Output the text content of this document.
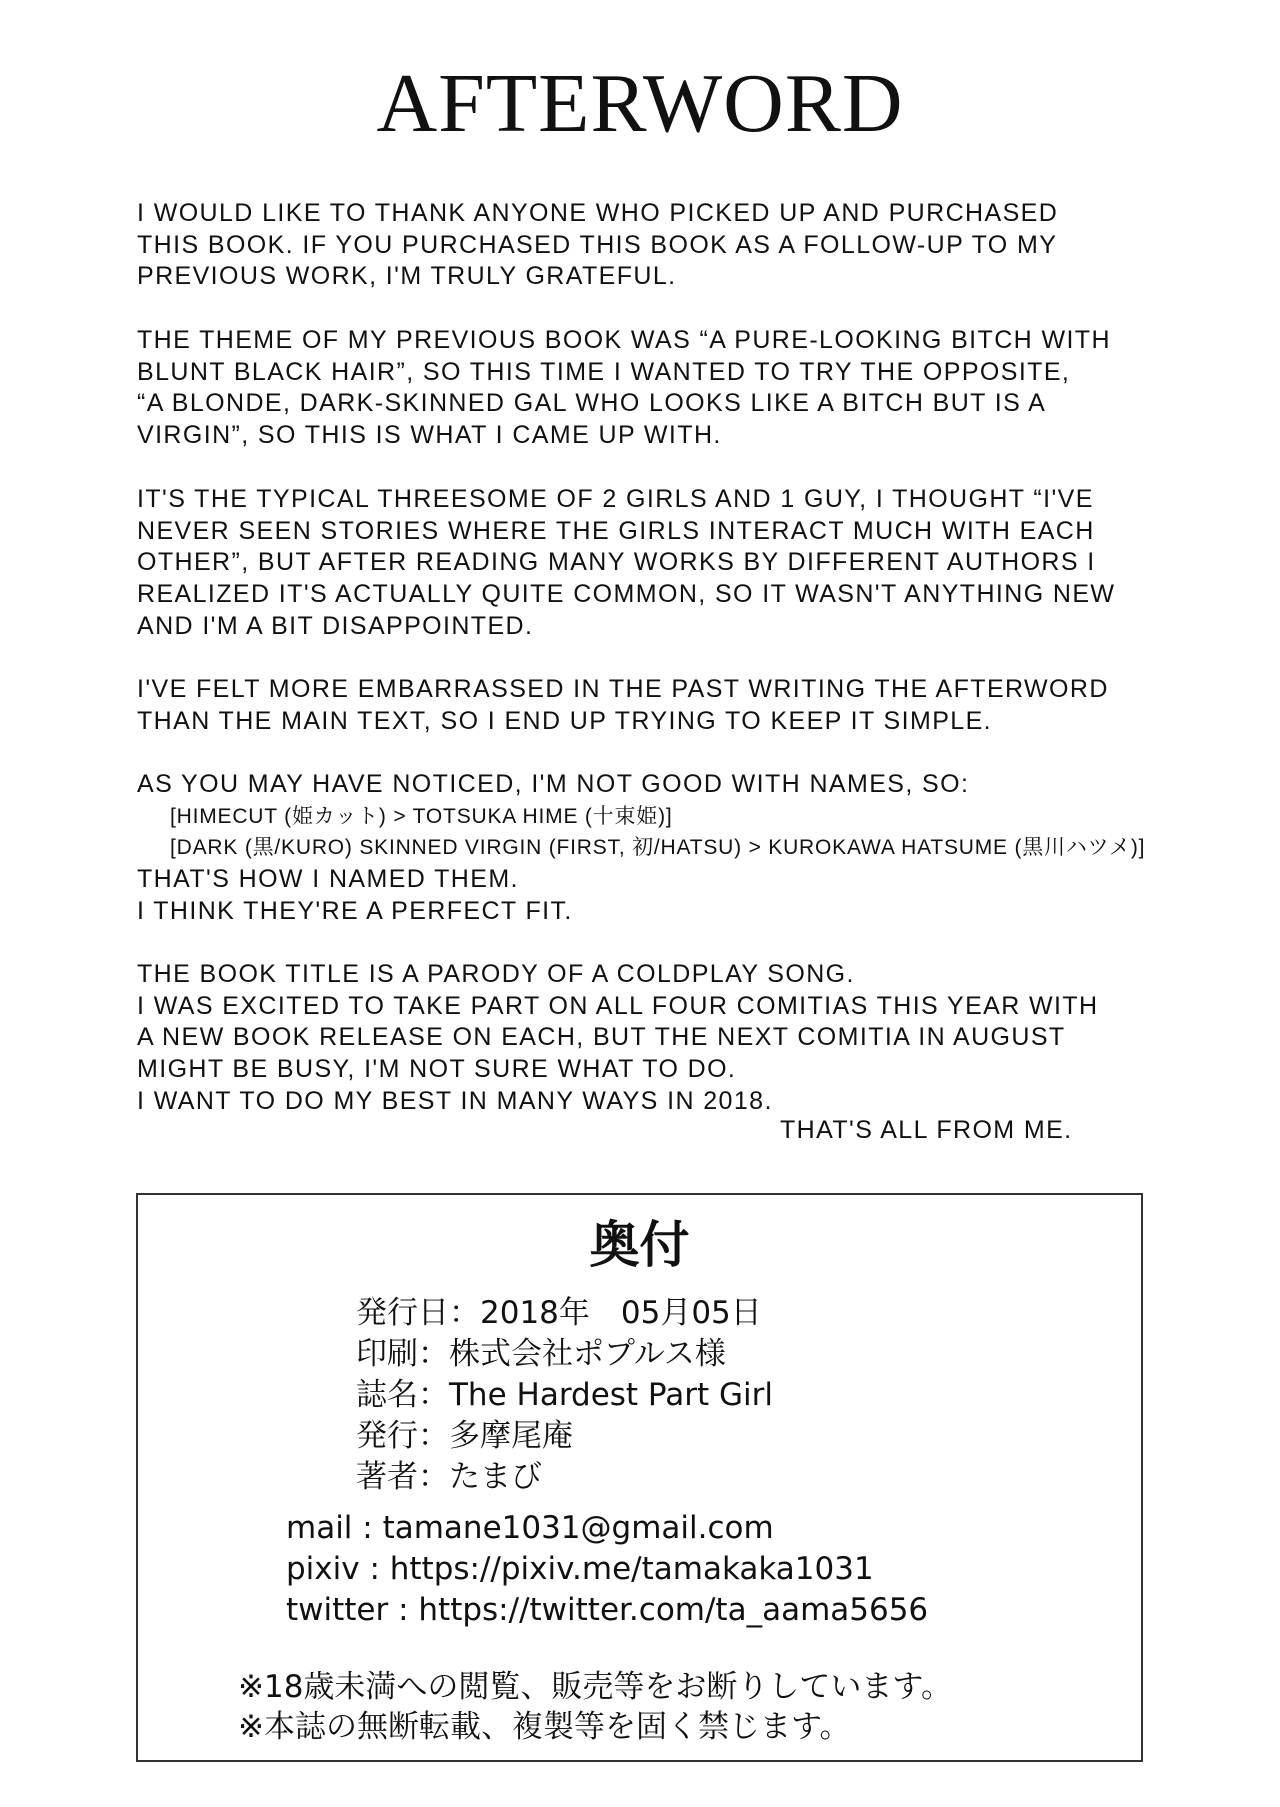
AFTERWORD
I WOULD LIKE TO THANK ANYONE WHO PICKED UP AND PURCHASED
THIS BOOK. IF YOU PURCHASED THIS BOOK AS A FOLLOW-UP TO MY
PREVIOUS WORK, I'M TRULY GRATEFUL.
THE THEME OF MY PREVIOUS BOOK WAS “A PURE-LOOKING BITCH WITH
BLUNT BLACK HAIR”, SO THIS TIME I WANTED TO TRY THE OPPOSITE,
“A BLONDE, DARK-SKINNED GAL WHO LOOKS LIKE A BITCH BUT IS A
VIRGIN”, SO THIS IS WHAT I CAME UP WITH.
IT'S THE TYPICAL THREESOME OF 2 GIRLS AND 1 GUY, I THOUGHT “I'VE
NEVER SEEN STORIES WHERE THE GIRLS INTERACT MUCH WITH EACH
OTHER”, BUT AFTER READING MANY WORKS BY DIFFERENT AUTHORS I
REALIZED IT'S ACTUALLY QUITE COMMON, SO IT WASN'T ANYTHING NEW
AND I'M A BIT DISAPPOINTED.
I'VE FELT MORE EMBARRASSED IN THE PAST WRITING THE AFTERWORD
THAN THE MAIN TEXT, SO I END UP TRYING TO KEEP IT SIMPLE.
AS YOU MAY HAVE NOTICED, I'M NOT GOOD WITH NAMES, SO:
[HIMECUT (姫カット) > TOTSUKA HIME (十束姫)]
[DARK (黒/KURO) SKINNED VIRGIN (FIRST, 初/HATSU) > KUROKAWA HATSUME (黒川ハツメ)]
THAT'S HOW I NAMED THEM.
I THINK THEY'RE A PERFECT FIT.
THE BOOK TITLE IS A PARODY OF A COLDPLAY SONG.
I WAS EXCITED TO TAKE PART ON ALL FOUR COMITIAS THIS YEAR WITH
A NEW BOOK RELEASE ON EACH, BUT THE NEXT COMITIA IN AUGUST
MIGHT BE BUSY, I'M NOT SURE WHAT TO DO.
I WANT TO DO MY BEST IN MANY WAYS IN 2018.
THAT'S ALL FROM ME.
奥付
発行日：2018年　05月05日
印刷：株式会社ポプルス様
誌名：The Hardest Part Girl
発行：多摩尾庵
著者：たまび
mail : tamane1031@gmail.com
pixiv : https://pixiv.me/tamakaka1031
twitter : https://twitter.com/ta_aama5656
※18歳未満への閲覧、販売等をお断りしています。
※本誌の無断転載、複製等を固く禁じます。
